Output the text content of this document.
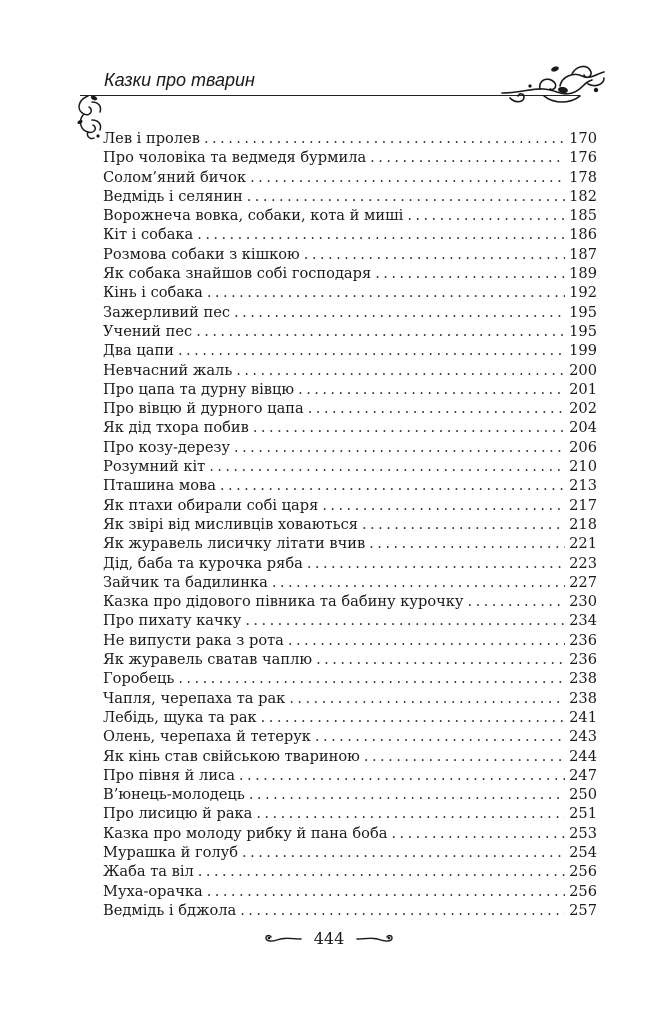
Казки про тварин
Лев і пролев . . .	170
Про чоловіка та ведмедя бурмила . . .	176
Солом’яний бичок . . .	178
Ведмідь і селянин . . .	182
Ворожнеча вовка, собаки, кота й миші . . .	185
Кіт і собака . . .	186
Розмова собаки з кішкою . . .	187
Як собака знайшов собі господаря . . .	189
Кінь і собака . . .	192
Зажерливий пес . . .	195
Учений пес . . .	195
Два цапи . . .	199
Невчасний жаль . . .	200
Про цапа та дурну вівцю . . .	201
Про вівцю й дурного цапа . . .	202
Як дід тхора побив . . .	204
Про козу-дерезу . . .	206
Розумний кіт . . .	210
Пташина мова . . .	213
Як птахи обирали собі царя . . .	217
Як звірі від мисливців ховаються . . .	218
Як журавель лисичку літати вчив . . .	221
Дід, баба та курочка ряба . . .	223
Зайчик та бадилинка . . .	227
Казка про дідового півника та бабину курочку . . .	230
Про пихату качку . . .	234
Не випусти рака з рота . . .	236
Як журавель сватав чаплю . . .	236
Горобець . . .	238
Чапля, черепаха та рак . . .	238
Лебідь, щука та рак . . .	241
Олень, черепаха й тетерук . . .	243
Як кінь став свійською твариною . . .	244
Про півня й лиса . . .	247
В’юнець-молодець . . .	250
Про лисицю й рака . . .	251
Казка про молоду рибку й пана боба . . .	253
Мурашка й голуб . . .	254
Жаба та віл . . .	256
Муха-орачка . . .	256
Ведмідь і бджола . . .	257
444
